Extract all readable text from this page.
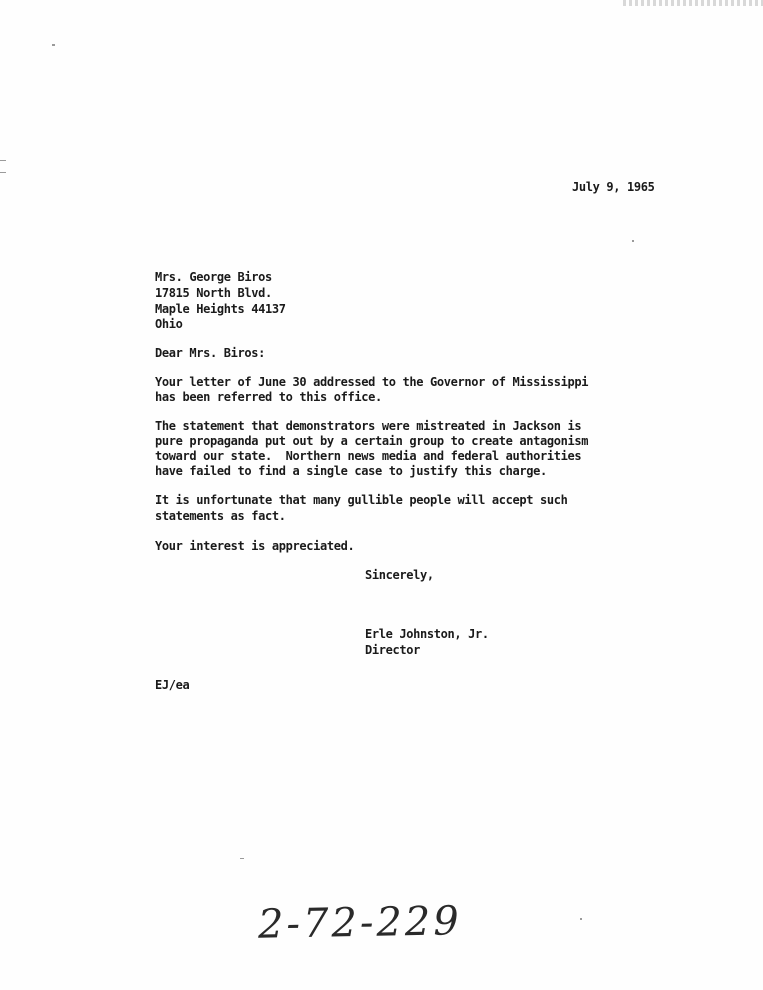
July 9, 1965
Mrs. George Biros
17815 North Blvd.
Maple Heights 44137
Ohio
Dear Mrs. Biros:
Your letter of June 30 addressed to the Governor of Mississippi
has been referred to this office.
The statement that demonstrators were mistreated in Jackson is
pure propaganda put out by a certain group to create antagonism
toward our state.  Northern news media and federal authorities
have failed to find a single case to justify this charge.
It is unfortunate that many gullible people will accept such
statements as fact.
Your interest is appreciated.
Sincerely,
Erle Johnston, Jr.
Director
EJ/ea
2-72-229
